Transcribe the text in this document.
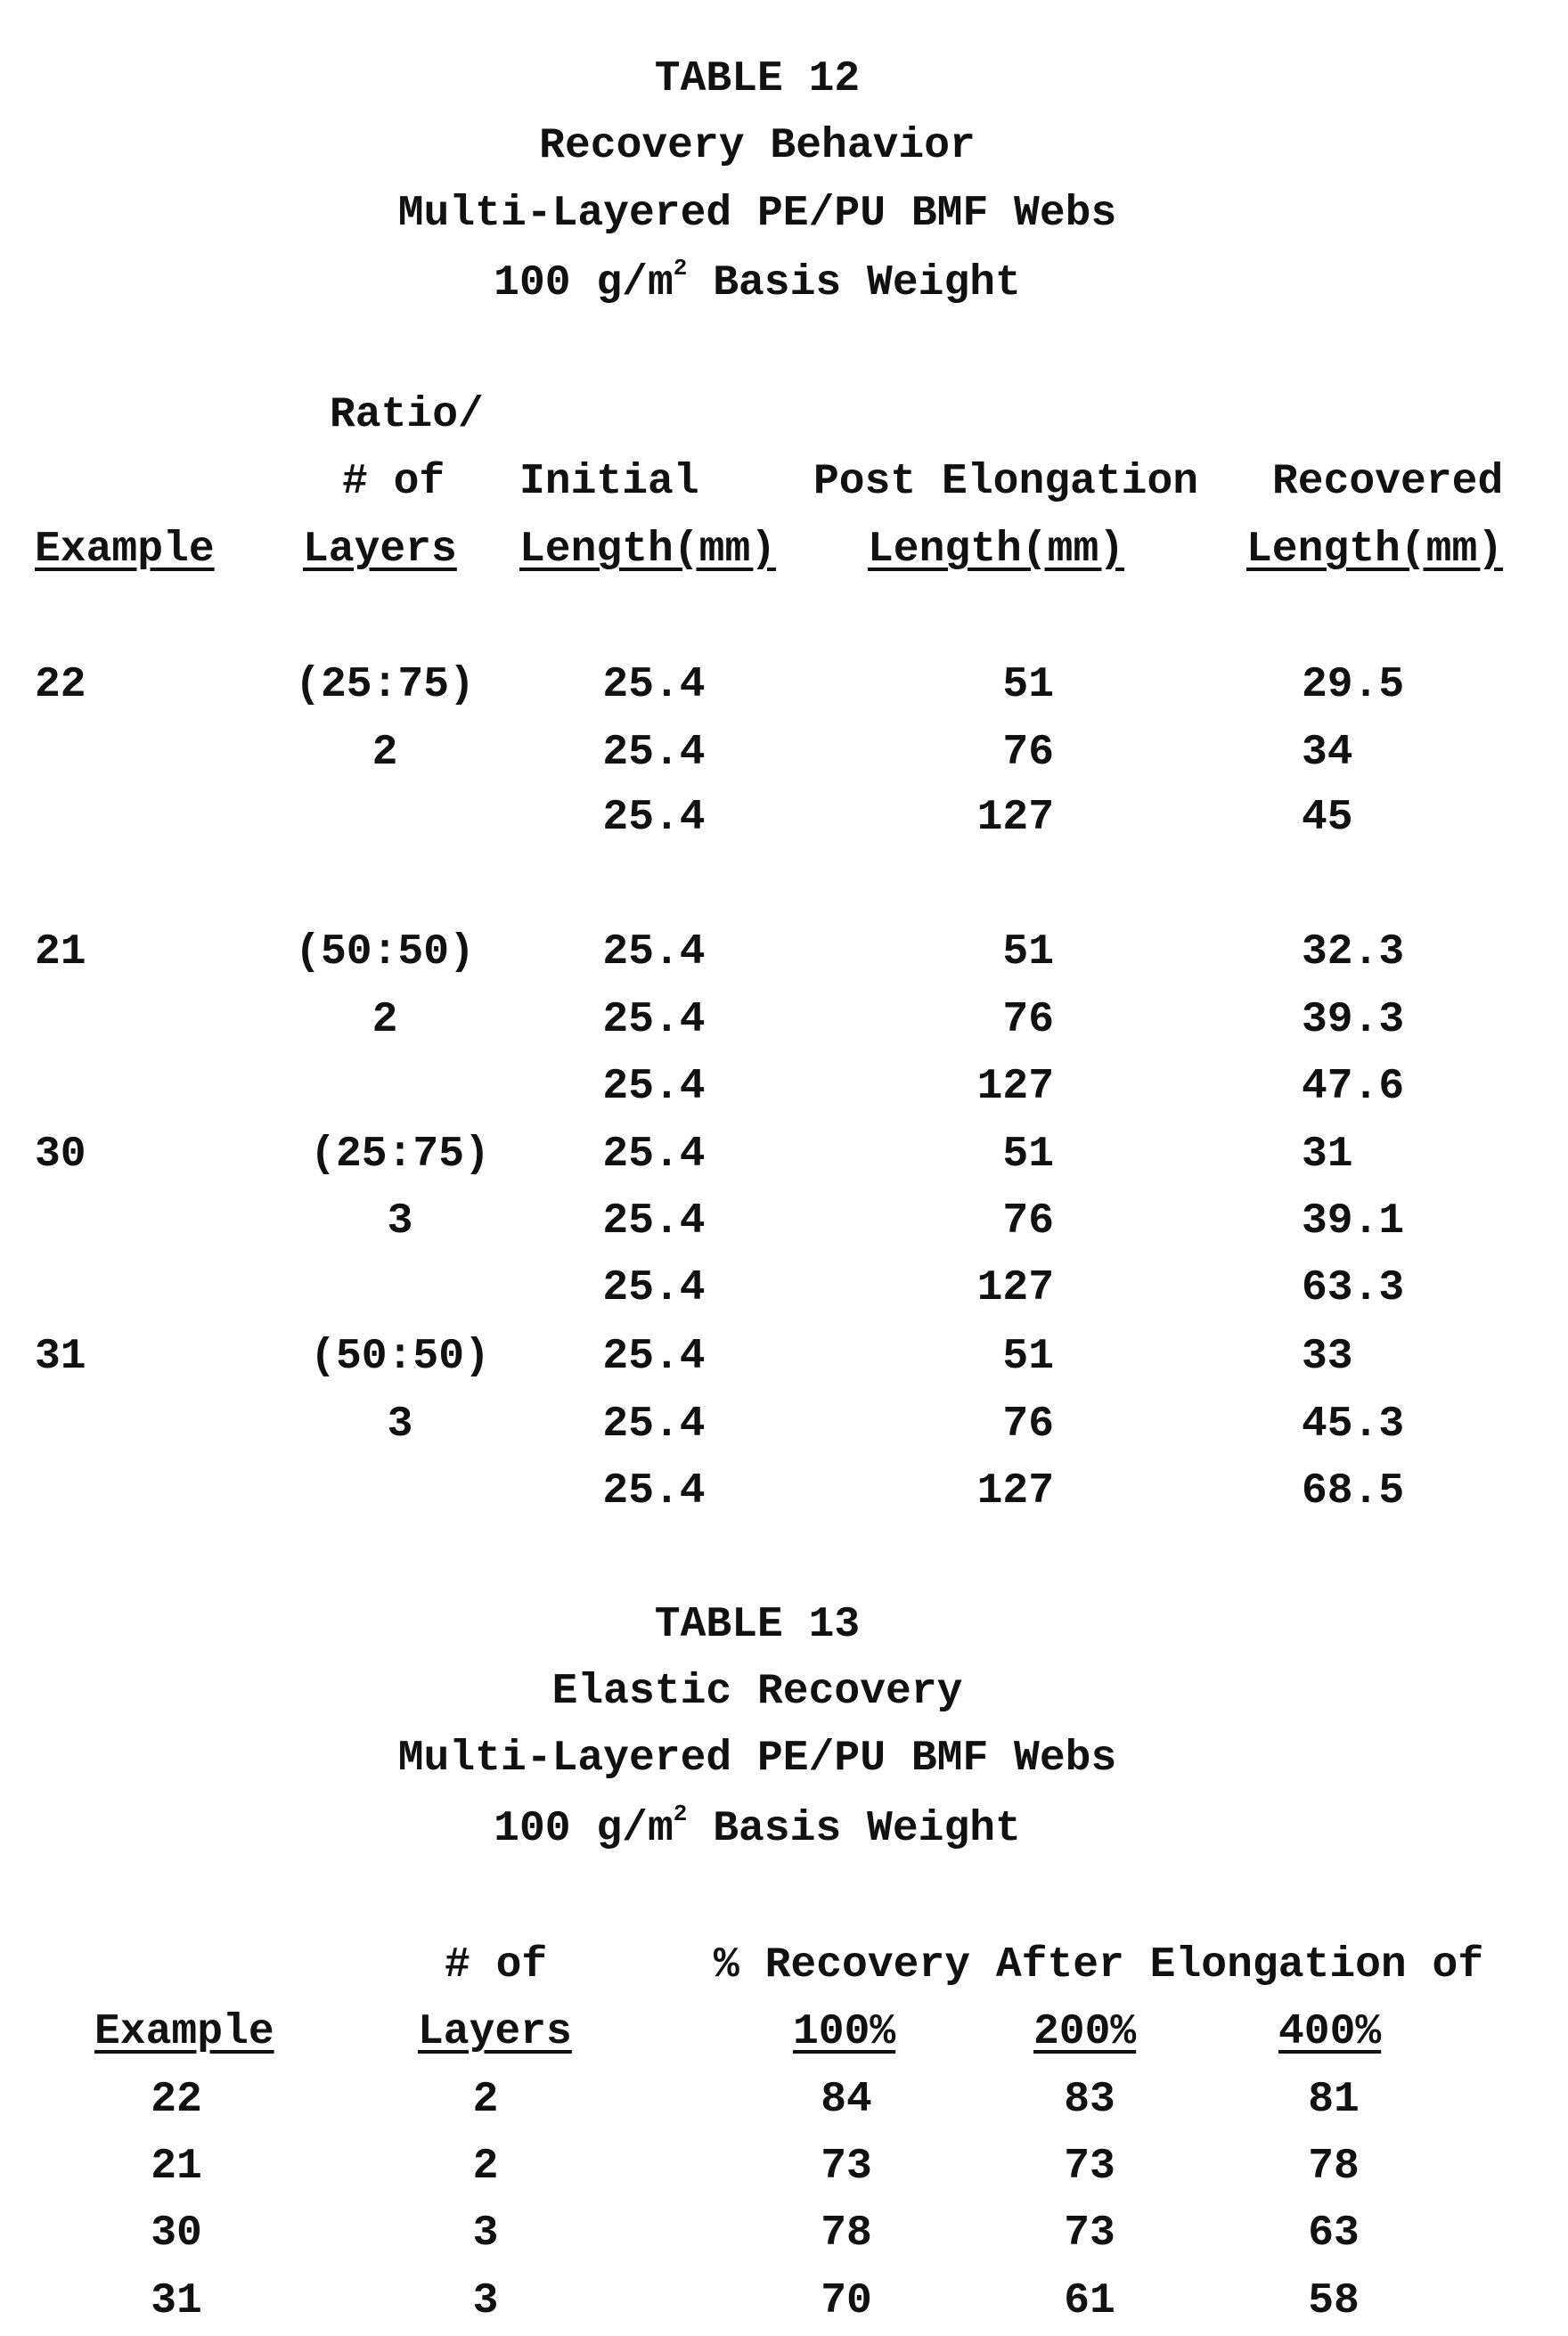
TABLE 12
Recovery Behavior
Multi-Layered PE/PU BMF Webs
100 g/m2 Basis Weight
Example
Ratio/
# of
Layers
Initial
Length(mm)
Post Elongation
Length(mm)
Recovered
Length(mm)
22	(25:75)	25.4	51	29.5
2	25.4	76	34
25.4	127	45
21	(50:50)	25.4	51	32.3
2	25.4	76	39.3
25.4	127	47.6
30	(25:75)	25.4	51	31
3	25.4	76	39.1
25.4	127	63.3
31	(50:50)	25.4	51	33
3	25.4	76	45.3
25.4	127	68.5
TABLE 13
Elastic Recovery
Multi-Layered PE/PU BMF Webs
100 g/m2 Basis Weight
Example
# of
Layers
% Recovery After Elongation of
100%	200%	400%
22	2	84	83	81
21	2	73	73	78
30	3	78	73	63
31	3	70	61	58
